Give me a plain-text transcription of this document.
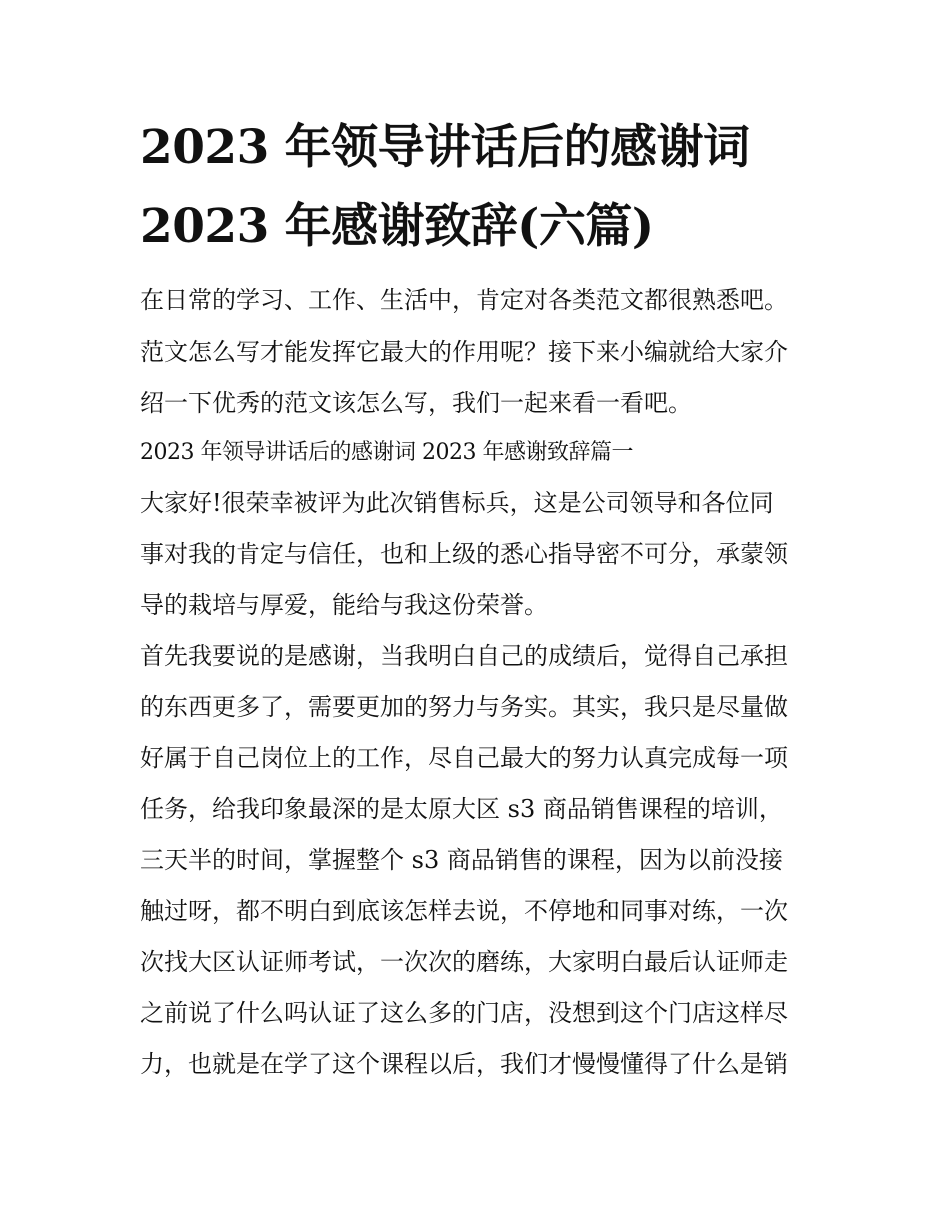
2023 年领导讲话后的感谢词
2023 年感谢致辞(六篇)
在日常的学习、工作、生活中，肯定对各类范文都很熟悉吧。
范文怎么写才能发挥它最大的作用呢？接下来小编就给大家介
绍一下优秀的范文该怎么写，我们一起来看一看吧。
2023 年领导讲话后的感谢词 2023 年感谢致辞篇一
大家好!很荣幸被评为此次销售标兵，这是公司领导和各位同
事对我的肯定与信任，也和上级的悉心指导密不可分，承蒙领
导的栽培与厚爱，能给与我这份荣誉。
首先我要说的是感谢，当我明白自己的成绩后，觉得自己承担
的东西更多了，需要更加的努力与务实。其实，我只是尽量做
好属于自己岗位上的工作，尽自己最大的努力认真完成每一项
任务，给我印象最深的是太原大区 s3 商品销售课程的培训，
三天半的时间，掌握整个 s3 商品销售的课程，因为以前没接
触过呀，都不明白到底该怎样去说，不停地和同事对练，一次
次找大区认证师考试，一次次的磨练，大家明白最后认证师走
之前说了什么吗认证了这么多的门店，没想到这个门店这样尽
力，也就是在学了这个课程以后，我们才慢慢懂得了什么是销
